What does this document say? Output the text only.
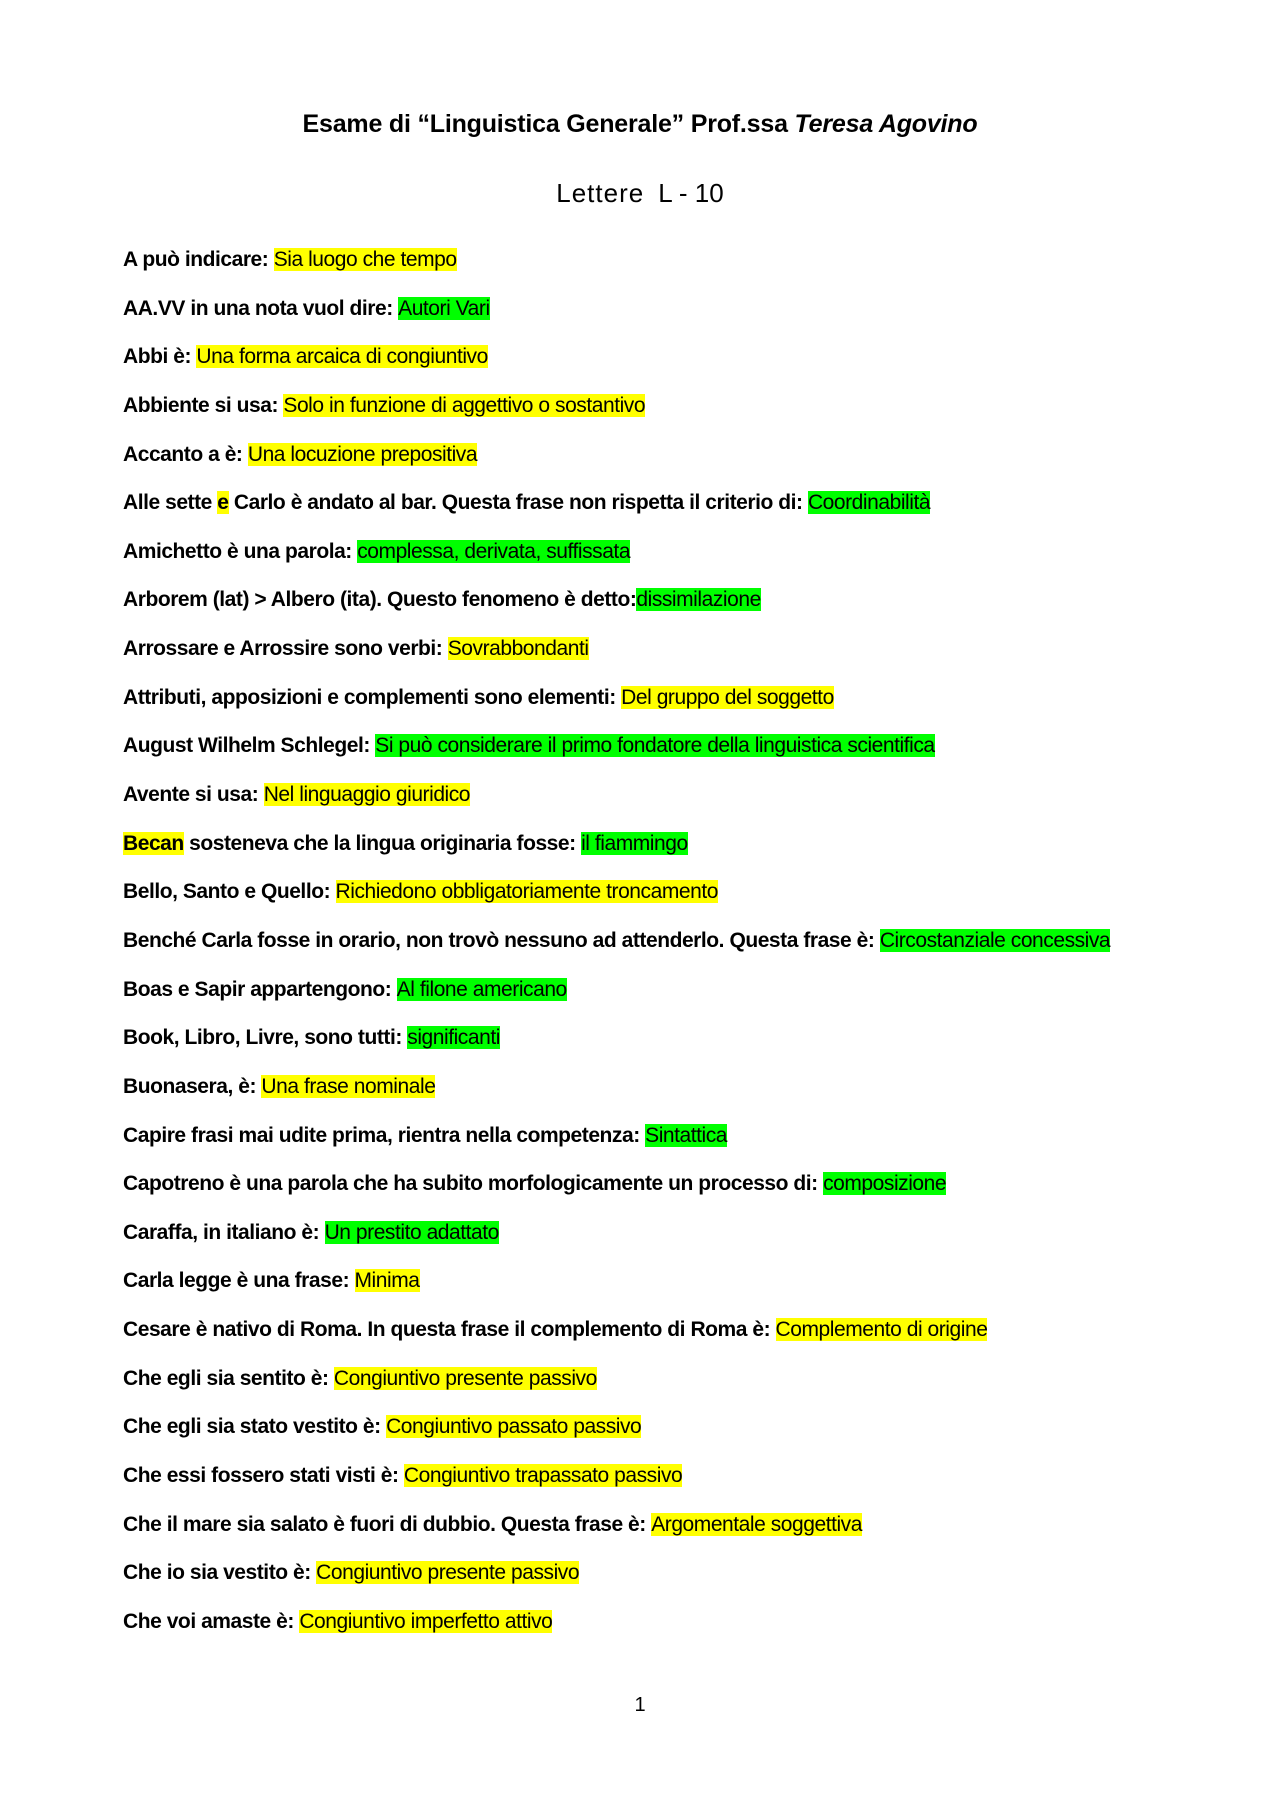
Esame di “Linguistica Generale” Prof.ssa Teresa Agovino
Lettere L - 10
A può indicare: Sia luogo che tempo
AA.VV in una nota vuol dire: Autori Vari
Abbi è: Una forma arcaica di congiuntivo
Abbiente si usa: Solo in funzione di aggettivo o sostantivo
Accanto a è: Una locuzione prepositiva
Alle sette e Carlo è andato al bar. Questa frase non rispetta il criterio di: Coordinabilità
Amichetto è una parola: complessa, derivata, suffissata
Arborem (lat) > Albero (ita). Questo fenomeno è detto:dissimilazione
Arrossare e Arrossire sono verbi: Sovrabbondanti
Attributi, apposizioni e complementi sono elementi: Del gruppo del soggetto
August Wilhelm Schlegel: Si può considerare il primo fondatore della linguistica scientifica
Avente si usa: Nel linguaggio giuridico
Becan sosteneva che la lingua originaria fosse: il fiammingo
Bello, Santo e Quello: Richiedono obbligatoriamente troncamento
Benché Carla fosse in orario, non trovò nessuno ad attenderlo. Questa frase è: Circostanziale concessiva
Boas e Sapir appartengono: Al filone americano
Book, Libro, Livre, sono tutti: significanti
Buonasera, è: Una frase nominale
Capire frasi mai udite prima, rientra nella competenza: Sintattica
Capotreno è una parola che ha subito morfologicamente un processo di: composizione
Caraffa, in italiano è: Un prestito adattato
Carla legge è una frase: Minima
Cesare è nativo di Roma. In questa frase il complemento di Roma è: Complemento di origine
Che egli sia sentito è: Congiuntivo presente passivo
Che egli sia stato vestito è: Congiuntivo passato passivo
Che essi fossero stati visti è: Congiuntivo trapassato passivo
Che il mare sia salato è fuori di dubbio. Questa frase è: Argomentale soggettiva
Che io sia vestito è: Congiuntivo presente passivo
Che voi amaste è: Congiuntivo imperfetto attivo
1
